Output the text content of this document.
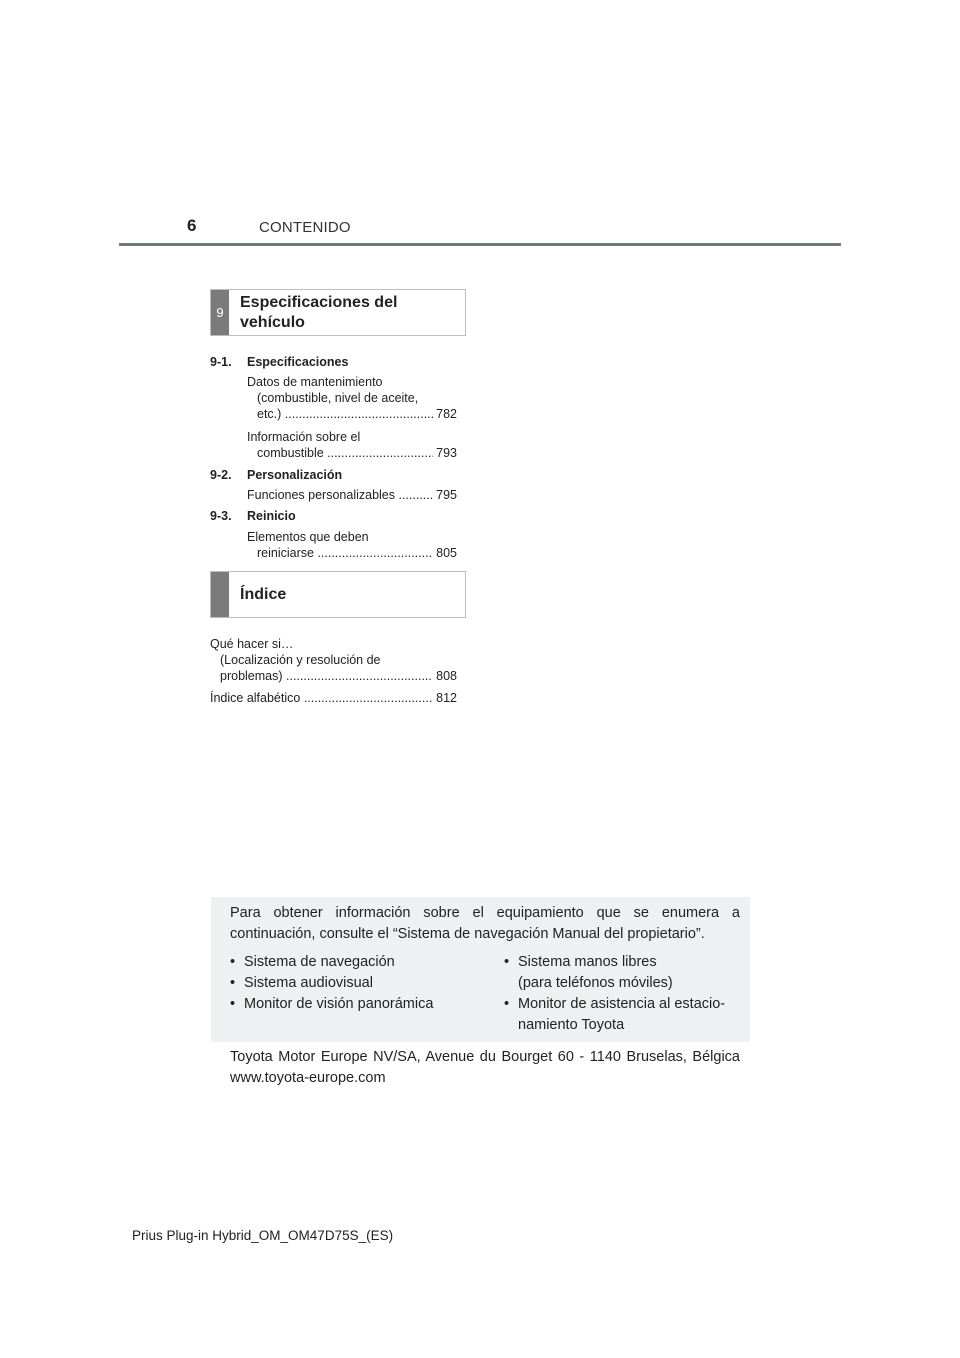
6	CONTENIDO
9
Especificaciones del
vehículo
9-1. Especificaciones
Datos de mantenimiento
(combustible, nivel de aceite,
etc.) .....	782
Información sobre el
combustible .....	793
9-2. Personalización
Funciones personalizables .....	795
9-3. Reinicio
Elementos que deben
reiniciarse .....	805
Índice
Qué hacer si…
(Localización y resolución de
problemas) .....	808
Índice alfabético .....	812
Para obtener información sobre el equipamiento que se enumera a continuación, consulte el “Sistema de navegación Manual del propietario”.
• Sistema de navegación
• Sistema audiovisual
• Monitor de visión panorámica
• Sistema manos libres
(para teléfonos móviles)
• Monitor de asistencia al estacio-
namiento Toyota
Toyota Motor Europe NV/SA, Avenue du Bourget 60 - 1140 Bruselas, Bélgica www.toyota-europe.com
Prius Plug-in Hybrid_OM_OM47D75S_(ES)
